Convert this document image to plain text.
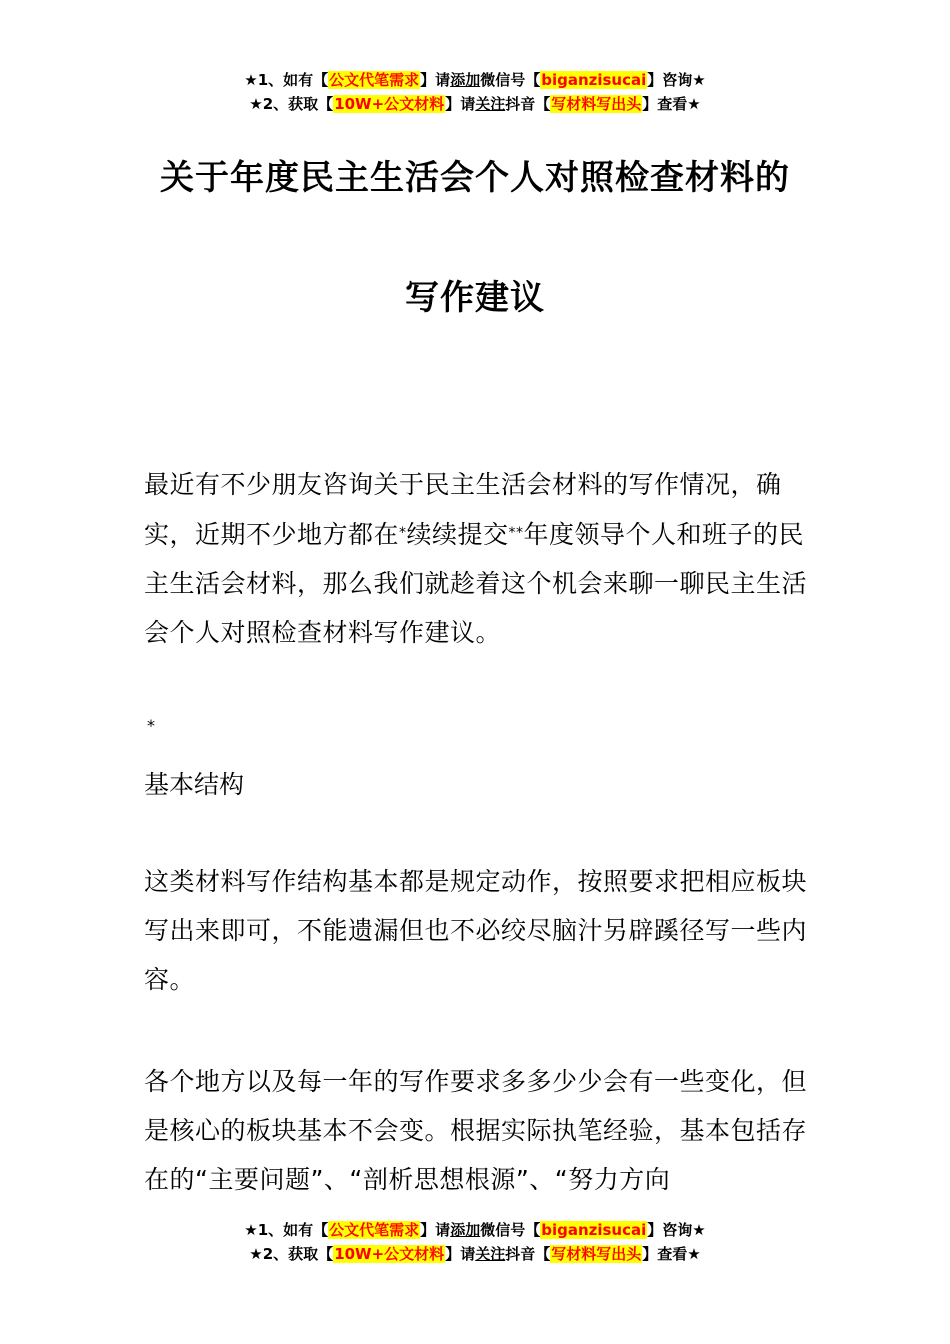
★1、如有【公文代笔需求】请添加微信号【biganzisucai】咨询★
★2、获取【10W+公文材料】请关注抖音【写材料写出头】查看★
关于年度民主生活会个人对照检查材料的
写作建议
最近有不少朋友咨询关于民主生活会材料的写作情况，确实，近期不少地方都在*续续提交**年度领导个人和班子的民主生活会材料，那么我们就趁着这个机会来聊一聊民主生活会个人对照检查材料写作建议。
*
基本结构
这类材料写作结构基本都是规定动作，按照要求把相应板块写出来即可，不能遗漏但也不必绞尽脑汁另辟蹊径写一些内容。
各个地方以及每一年的写作要求多多少少会有一些变化，但是核心的板块基本不会变。根据实际执笔经验，基本包括存在的“主要问题”、“剖析思想根源”、“努力方向
★1、如有【公文代笔需求】请添加微信号【biganzisucai】咨询★
★2、获取【10W+公文材料】请关注抖音【写材料写出头】查看★
